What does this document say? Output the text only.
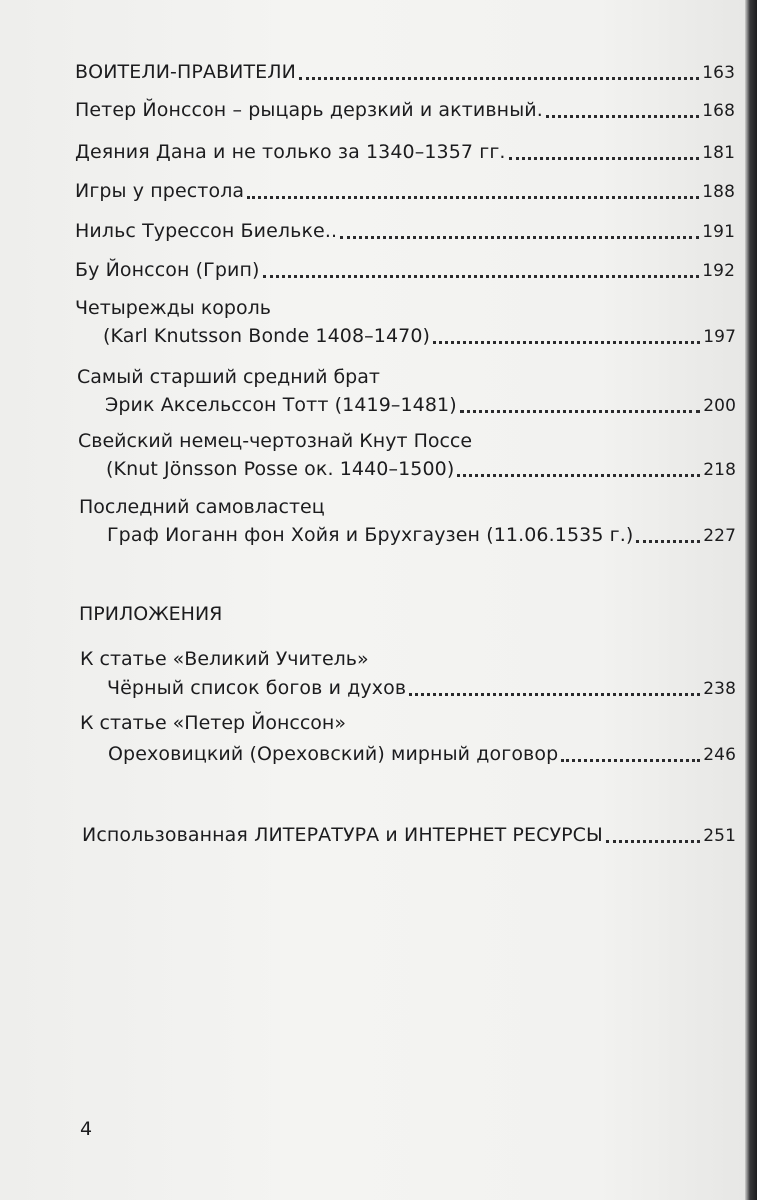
ВОИТЕЛИ-ПРАВИТЕЛИ	163
Петер Йонссон – рыцарь дерзкий и активный.	168
Деяния Дана и не только за 1340–1357 гг.	181
Игры у престола	188
Нильс Турессон Биельке..	191
Бу Йонссон (Грип)	192
Четырежды король
(Karl Knutsson Bonde 1408–1470)	197
Самый старший средний брат
Эрик Аксельссон Тотт (1419–1481)	200
Свейский немец-чертознай Кнут Поссе
(Knut Jönsson Posse ок. 1440–1500)	218
Последний самовластец
Граф Иоганн фон Хойя и Брухгаузен (11.06.1535 г.)	227
ПРИЛОЖЕНИЯ
К статье «Великий Учитель»
Чёрный список богов и духов	238
К статье «Петер Йонссон»
Ореховицкий (Ореховский) мирный договор	246
Использованная ЛИТЕРАТУРА и ИНТЕРНЕТ РЕСУРСЫ	251
4
